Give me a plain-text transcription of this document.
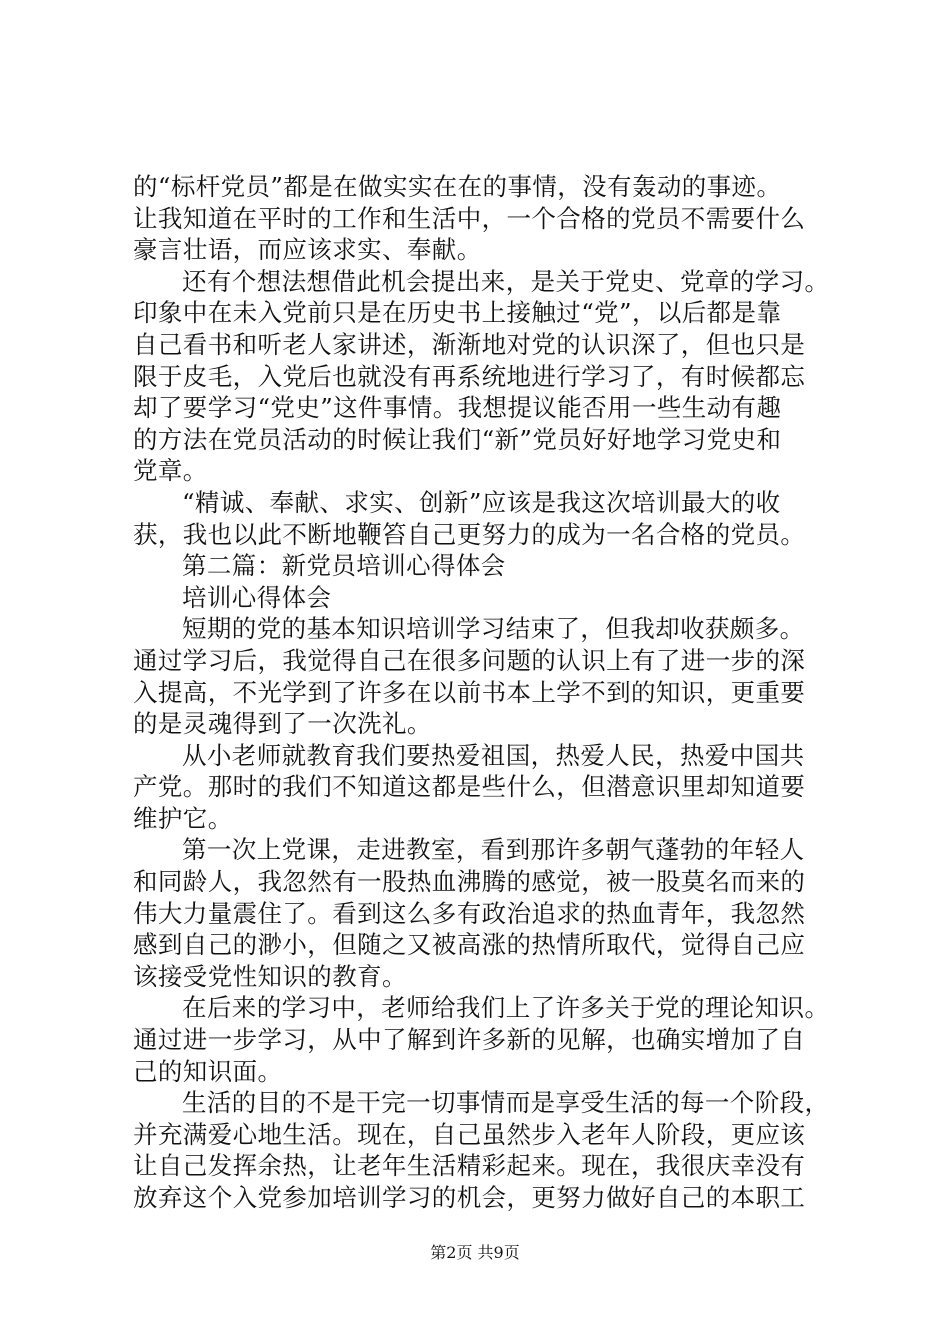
的“标杆党员”都是在做实实在在的事情，没有轰动的事迹。
让我知道在平时的工作和生活中，一个合格的党员不需要什么
豪言壮语，而应该求实、奉献。
还有个想法想借此机会提出来，是关于党史、党章的学习。
印象中在未入党前只是在历史书上接触过“党”，以后都是靠
自己看书和听老人家讲述，渐渐地对党的认识深了，但也只是
限于皮毛，入党后也就没有再系统地进行学习了，有时候都忘
却了要学习“党史”这件事情。我想提议能否用一些生动有趣
的方法在党员活动的时候让我们“新”党员好好地学习党史和
党章。
“精诚、奉献、求实、创新”应该是我这次培训最大的收
获，我也以此不断地鞭笞自己更努力的成为一名合格的党员。
第二篇：新党员培训心得体会
培训心得体会
短期的党的基本知识培训学习结束了，但我却收获颇多。
通过学习后，我觉得自己在很多问题的认识上有了进一步的深
入提高，不光学到了许多在以前书本上学不到的知识，更重要
的是灵魂得到了一次洗礼。
从小老师就教育我们要热爱祖国，热爱人民，热爱中国共
产党。那时的我们不知道这都是些什么，但潜意识里却知道要
维护它。
第一次上党课，走进教室，看到那许多朝气蓬勃的年轻人
和同龄人，我忽然有一股热血沸腾的感觉，被一股莫名而来的
伟大力量震住了。看到这么多有政治追求的热血青年，我忽然
感到自己的渺小，但随之又被高涨的热情所取代，觉得自己应
该接受党性知识的教育。
在后来的学习中，老师给我们上了许多关于党的理论知识。
通过进一步学习，从中了解到许多新的见解，也确实增加了自
己的知识面。
生活的目的不是干完一切事情而是享受生活的每一个阶段，
并充满爱心地生活。现在，自己虽然步入老年人阶段，更应该
让自己发挥余热，让老年生活精彩起来。现在，我很庆幸没有
放弃这个入党参加培训学习的机会，更努力做好自己的本职工
第2页 共9页
